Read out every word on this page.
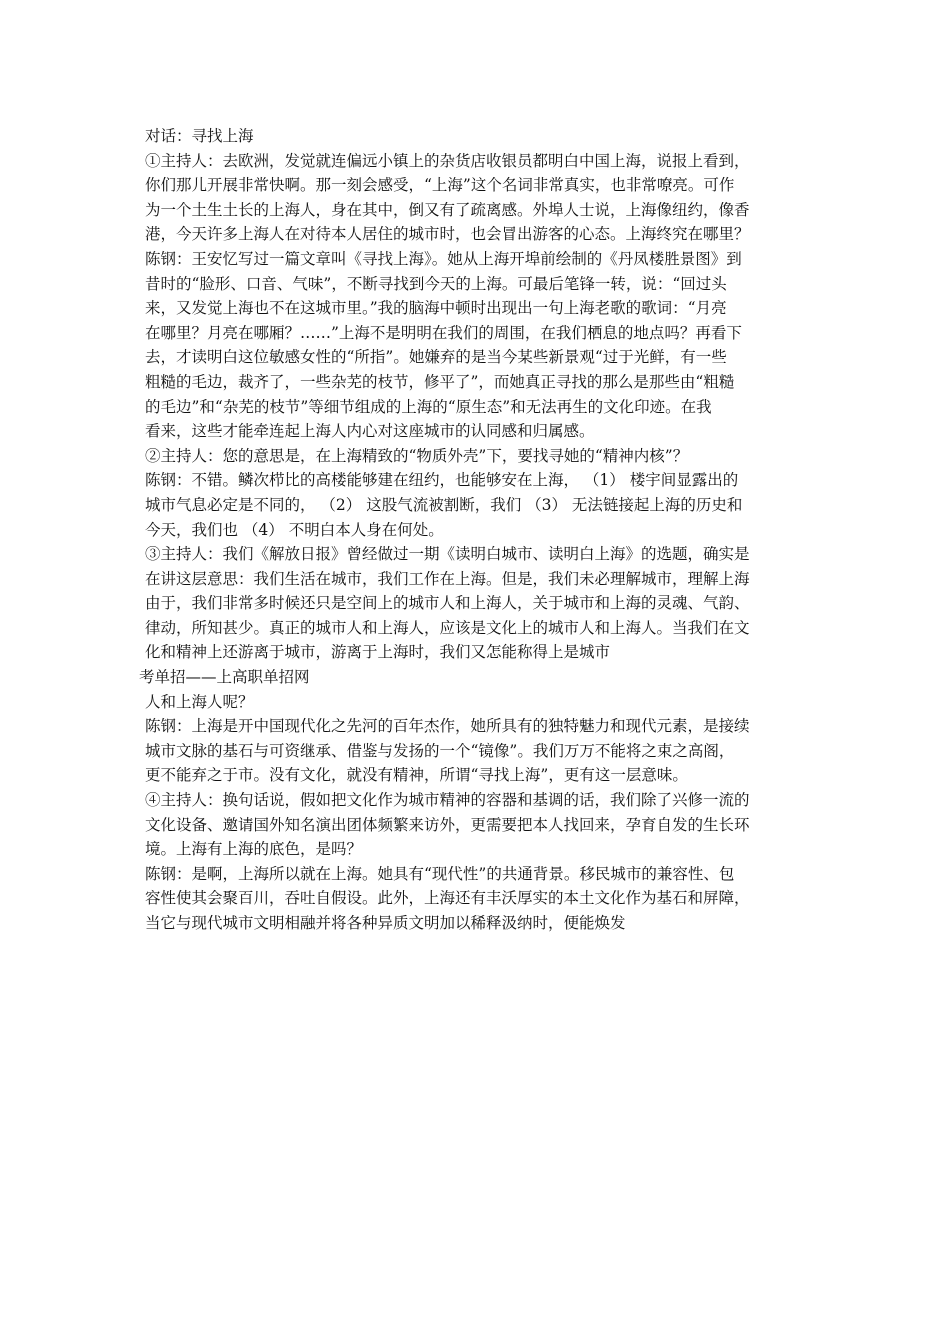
对话：寻找上海
①主持人：去欧洲，发觉就连偏远小镇上的杂货店收银员都明白中国上海，说报上看到，
你们那儿开展非常快啊。那一刻会感受，“上海”这个名词非常真实，也非常嘹亮。可作
为一个土生土长的上海人，身在其中，倒又有了疏离感。外埠人士说，上海像纽约，像香
港，今天许多上海人在对待本人居住的城市时，也会冒出游客的心态。上海终究在哪里？
陈钢：王安忆写过一篇文章叫《寻找上海》。她从上海开埠前绘制的《丹凤楼胜景图》到
昔时的“脸形、口音、气味”，不断寻找到今天的上海。可最后笔锋一转，说：“回过头
来，又发觉上海也不在这城市里。”我的脑海中顿时出现出一句上海老歌的歌词：“月亮
在哪里？月亮在哪厢？……”上海不是明明在我们的周围，在我们栖息的地点吗？再看下
去，才读明白这位敏感女性的“所指”。她嫌弃的是当今某些新景观“过于光鲜，有一些
粗糙的毛边，裁齐了，一些杂芜的枝节，修平了”，而她真正寻找的那么是那些由“粗糙
的毛边”和“杂芜的枝节”等细节组成的上海的“原生态”和无法再生的文化印迹。在我
看来，这些才能牵连起上海人内心对这座城市的认同感和归属感。
②主持人：您的意思是，在上海精致的“物质外壳”下，要找寻她的“精神内核”？
陈钢：不错。鳞次栉比的高楼能够建在纽约，也能够安在上海， （1） 楼宇间显露出的
城市气息必定是不同的， （2） 这股气流被割断，我们 （3） 无法链接起上海的历史和
今天，我们也 （4） 不明白本人身在何处。
③主持人：我们《解放日报》曾经做过一期《读明白城市、读明白上海》的选题，确实是
在讲这层意思：我们生活在城市，我们工作在上海。但是，我们未必理解城市，理解上海
由于，我们非常多时候还只是空间上的城市人和上海人，关于城市和上海的灵魂、气韵、
律动，所知甚少。真正的城市人和上海人，应该是文化上的城市人和上海人。当我们在文
化和精神上还游离于城市，游离于上海时，我们又怎能称得上是城市
考单招——上高职单招网
人和上海人呢？
陈钢：上海是开中国现代化之先河的百年杰作，她所具有的独特魅力和现代元素，是接续
城市文脉的基石与可资继承、借鉴与发扬的一个“镜像”。我们万万不能将之束之高阁，
更不能弃之于市。没有文化，就没有精神，所谓“寻找上海”，更有这一层意味。
④主持人：换句话说，假如把文化作为城市精神的容器和基调的话，我们除了兴修一流的
文化设备、邀请国外知名演出团体频繁来访外，更需要把本人找回来，孕育自发的生长环
境。上海有上海的底色，是吗？
陈钢：是啊，上海所以就在上海。她具有“现代性”的共通背景。移民城市的兼容性、包
容性使其会聚百川，吞吐自假设。此外，上海还有丰沃厚实的本土文化作为基石和屏障，
当它与现代城市文明相融并将各种异质文明加以稀释汲纳时，便能焕发
